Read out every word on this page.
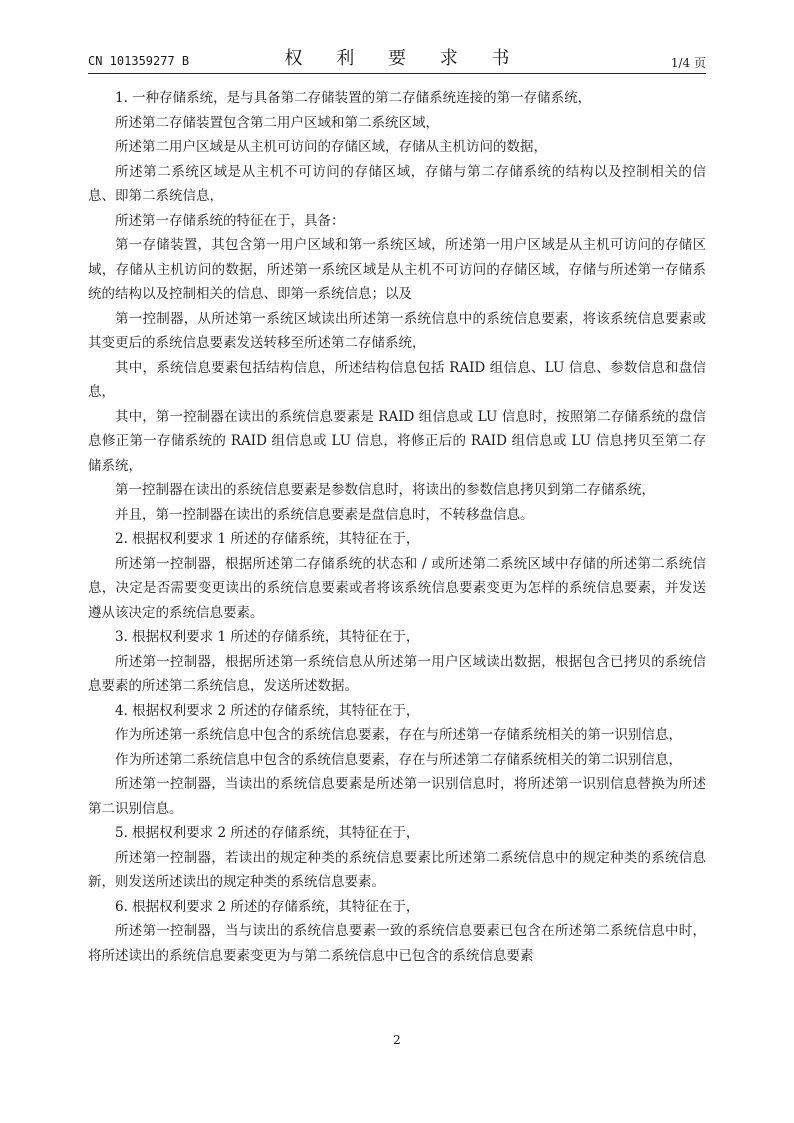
CN 101359277 B	权 利 要 求 书	1/4 页

1. 一种存储系统，是与具备第二存储装置的第二存储系统连接的第一存储系统，

所述第二存储装置包含第二用户区域和第二系统区域，

所述第二用户区域是从主机可访问的存储区域，存储从主机访问的数据，

所述第二系统区域是从主机不可访问的存储区域，存储与第二存储系统的结构以及控制相关的信息、即第二系统信息，

所述第一存储系统的特征在于，具备：

第一存储装置，其包含第一用户区域和第一系统区域，所述第一用户区域是从主机可访问的存储区域，存储从主机访问的数据，所述第一系统区域是从主机不可访问的存储区域，存储与所述第一存储系统的结构以及控制相关的信息、即第一系统信息；以及

第一控制器，从所述第一系统区域读出所述第一系统信息中的系统信息要素，将该系统信息要素或其变更后的系统信息要素发送转移至所述第二存储系统，

其中，系统信息要素包括结构信息，所述结构信息包括 RAID 组信息、LU 信息、参数信息和盘信息，

其中，第一控制器在读出的系统信息要素是 RAID 组信息或 LU 信息时，按照第二存储系统的盘信息修正第一存储系统的 RAID 组信息或 LU 信息，将修正后的 RAID 组信息或 LU 信息拷贝至第二存储系统，

第一控制器在读出的系统信息要素是参数信息时，将读出的参数信息拷贝到第二存储系统，

并且，第一控制器在读出的系统信息要素是盘信息时，不转移盘信息。

2. 根据权利要求 1 所述的存储系统，其特征在于，

所述第一控制器，根据所述第二存储系统的状态和 / 或所述第二系统区域中存储的所述第二系统信息，决定是否需要变更读出的系统信息要素或者将该系统信息要素变更为怎样的系统信息要素，并发送遵从该决定的系统信息要素。

3. 根据权利要求 1 所述的存储系统，其特征在于，

所述第一控制器，根据所述第一系统信息从所述第一用户区域读出数据，根据包含已拷贝的系统信息要素的所述第二系统信息，发送所述数据。

4. 根据权利要求 2 所述的存储系统，其特征在于，

作为所述第一系统信息中包含的系统信息要素，存在与所述第一存储系统相关的第一识别信息，

作为所述第二系统信息中包含的系统信息要素，存在与所述第二存储系统相关的第二识别信息，

所述第一控制器，当读出的系统信息要素是所述第一识别信息时，将所述第一识别信息替换为所述第二识别信息。

5. 根据权利要求 2 所述的存储系统，其特征在于，

所述第一控制器，若读出的规定种类的系统信息要素比所述第二系统信息中的规定种类的系统信息新，则发送所述读出的规定种类的系统信息要素。

6. 根据权利要求 2 所述的存储系统，其特征在于，

所述第一控制器，当与读出的系统信息要素一致的系统信息要素已包含在所述第二系统信息中时，将所述读出的系统信息要素变更为与第二系统信息中已包含的系统信息要素

2
